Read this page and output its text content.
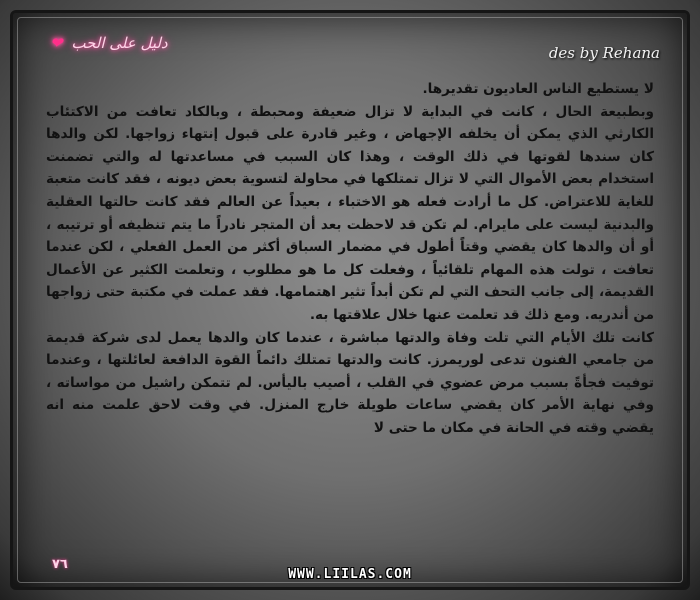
دليل على الحب ❤
des by Rehana

لا يستطيع الناس العاديون تقديرها.

وبطبيعة الحال ، كانت في البداية لا تزال ضعيفة ومحبطة ، وبالكاد تعافت من الاكتئاب الكارثي الذي يمكن أن يخلفه الإجهاض ، وغير قادرة على قبول إنتهاء زواجها. لكن والدها كان سندها لقوتها في ذلك الوقت ، وهذا كان السبب في مساعدتها له والتي تضمنت استخدام بعض الأموال التي لا تزال تمتلكها في محاولة لتسوية بعض ديونه ، فقد كانت متعبة للغاية للاعتراض. كل ما أرادت فعله هو الاختباء ، بعيداً عن العالم فقد كانت حالتها العقلية والبدنية ليست على مايرام. لم تكن قد لاحظت بعد أن المتجر نادراً ما يتم تنظيفه أو ترتيبه ، أو أن والدها كان يقضي وقتاً أطول في مضمار السباق أكثر من العمل الفعلي ، لكن عندما تعافت ، تولت هذه المهام تلقائياً ، وفعلت كل ما هو مطلوب ، وتعلمت الكثير عن الأعمال القديمة، إلى جانب التحف التي لم تكن أبداً تثير اهتمامها. فقد عملت في مكتبة حتى زواجها من أندريه. ومع ذلك قد تعلمت عنها خلال علاقتها به.

كانت تلك الأيام التي تلت وفاة والدتها مباشرة ، عندما كان والدها يعمل لدى شركة قديمة من جامعي الفنون تدعى لوريمرز. كانت والدتها تمتلك دائماً القوة الدافعة لعائلتها ، وعندما توفيت فجأةً بسبب مرض عضوي في القلب ، أصيب باليأس. لم تتمكن راشيل من مواساته ، وفي نهاية الأمر كان يقضي ساعات طويلة خارج المنزل. في وقت لاحق علمت منه انه يقضي وقته في الحانة في مكان ما حتى لا

٧٦
WWW.LIILAS.COM
